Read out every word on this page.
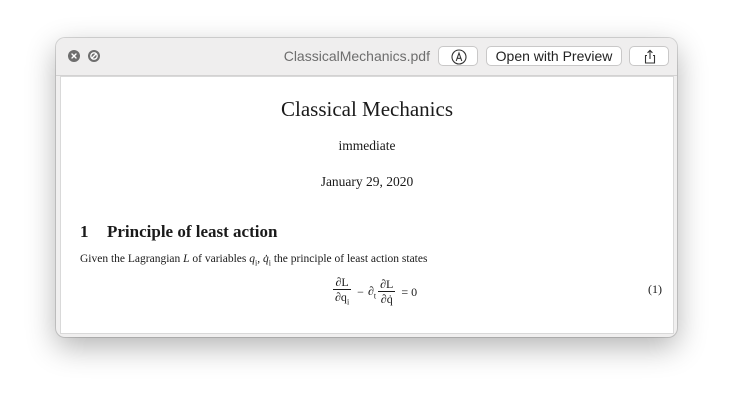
ClassicalMechanics.pdf	Open with Preview
Classical Mechanics
immediate
January 29, 2020
1 Principle of least action
Given the Lagrangian L of variables $q_i$, $q̇_i$ the principle of least action states
$\frac{\partial L}{\partial q_i} - \partial_t \frac{\partial L}{\partial q̇} = 0$	(1)
